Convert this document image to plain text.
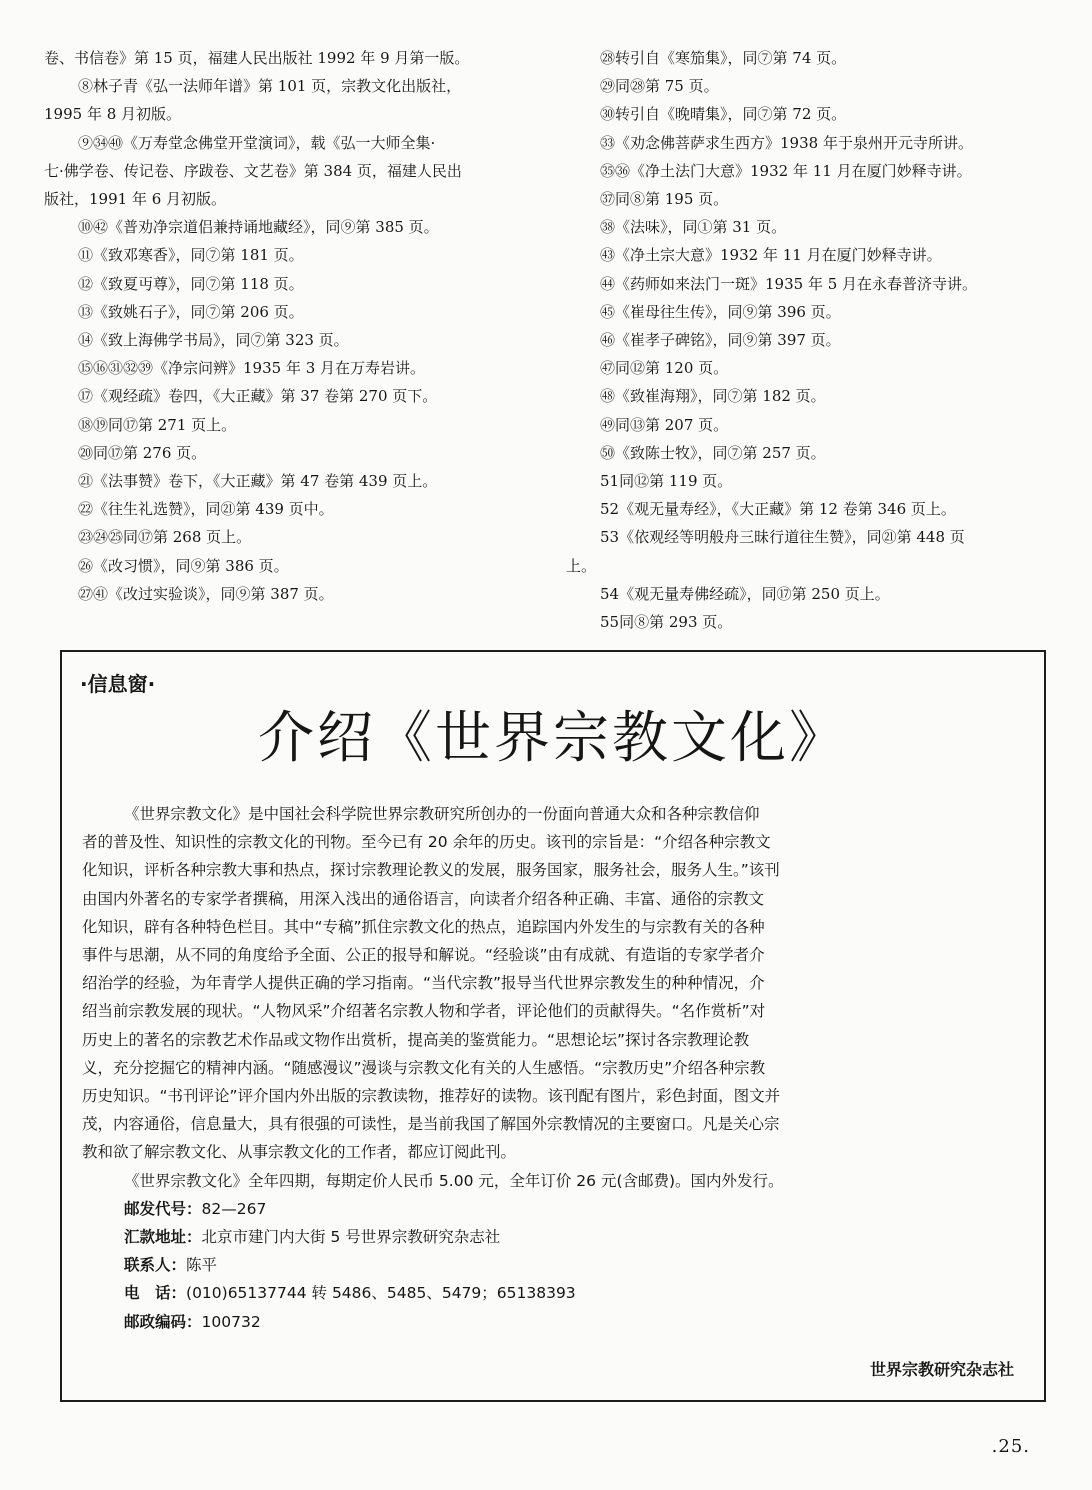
卷、书信卷》第 15 页，福建人民出版社 1992 年 9 月第一版。
⑧林子青《弘一法师年谱》第 101 页，宗教文化出版社，
1995 年 8 月初版。
⑨㉞㊵《万寿堂念佛堂开堂演词》，载《弘一大师全集·
七·佛学卷、传记卷、序跋卷、文艺卷》第 384 页，福建人民出
版社，1991 年 6 月初版。
⑩㊷《普劝净宗道侣兼持诵地藏经》，同⑨第 385 页。
⑪《致邓寒香》，同⑦第 181 页。
⑫《致夏丏尊》，同⑦第 118 页。
⑬《致姚石子》，同⑦第 206 页。
⑭《致上海佛学书局》，同⑦第 323 页。
⑮⑯㉛㉜㊴《净宗问辨》1935 年 3 月在万寿岩讲。
⑰《观经疏》卷四，《大正藏》第 37 卷第 270 页下。
⑱⑲同⑰第 271 页上。
⑳同⑰第 276 页。
㉑《法事赞》卷下，《大正藏》第 47 卷第 439 页上。
㉒《往生礼选赞》，同㉑第 439 页中。
㉓㉔㉕同⑰第 268 页上。
㉖《改习惯》，同⑨第 386 页。
㉗㊶《改过实验谈》，同⑨第 387 页。
㉘转引自《寒笳集》，同⑦第 74 页。
㉙同㉘第 75 页。
㉚转引自《晚晴集》，同⑦第 72 页。
㉝《劝念佛菩萨求生西方》1938 年于泉州开元寺所讲。
㉟㊱《净土法门大意》1932 年 11 月在厦门妙释寺讲。
㊲同⑧第 195 页。
㊳《法味》，同①第 31 页。
㊸《净土宗大意》1932 年 11 月在厦门妙释寺讲。
㊹《药师如来法门一斑》1935 年 5 月在永春普济寺讲。
㊺《崔母往生传》，同⑨第 396 页。
㊻《崔孝子碑铭》，同⑨第 397 页。
㊼同⑫第 120 页。
㊽《致崔海翔》，同⑦第 182 页。
㊾同⑬第 207 页。
㊿《致陈士牧》，同⑦第 257 页。
51同⑫第 119 页。
52《观无量寿经》，《大正藏》第 12 卷第 346 页上。
53《依观经等明般舟三昧行道往生赞》，同㉑第 448 页
上。
54《观无量寿佛经疏》，同⑰第 250 页上。
55同⑧第 293 页。
·信息窗·
介绍《世界宗教文化》
《世界宗教文化》是中国社会科学院世界宗教研究所创办的一份面向普通大众和各种宗教信仰
者的普及性、知识性的宗教文化的刊物。至今已有 20 余年的历史。该刊的宗旨是：“介绍各种宗教文
化知识，评析各种宗教大事和热点，探讨宗教理论教义的发展，服务国家，服务社会，服务人生。”该刊
由国内外著名的专家学者撰稿，用深入浅出的通俗语言，向读者介绍各种正确、丰富、通俗的宗教文
化知识，辟有各种特色栏目。其中“专稿”抓住宗教文化的热点，追踪国内外发生的与宗教有关的各种
事件与思潮，从不同的角度给予全面、公正的报导和解说。“经验谈”由有成就、有造诣的专家学者介
绍治学的经验，为年青学人提供正确的学习指南。“当代宗教”报导当代世界宗教发生的种种情况，介
绍当前宗教发展的现状。“人物风采”介绍著名宗教人物和学者，评论他们的贡献得失。“名作赏析”对
历史上的著名的宗教艺术作品或文物作出赏析，提高美的鉴赏能力。“思想论坛”探讨各宗教理论教
义，充分挖掘它的精神内涵。“随感漫议”漫谈与宗教文化有关的人生感悟。“宗教历史”介绍各种宗教
历史知识。“书刊评论”评介国内外出版的宗教读物，推荐好的读物。该刊配有图片，彩色封面，图文并
茂，内容通俗，信息量大，具有很强的可读性，是当前我国了解国外宗教情况的主要窗口。凡是关心宗
教和欲了解宗教文化、从事宗教文化的工作者，都应订阅此刊。
《世界宗教文化》全年四期，每期定价人民币 5.00 元，全年订价 26 元(含邮费)。国内外发行。
邮发代号：82—267
汇款地址：北京市建门内大街 5 号世界宗教研究杂志社
联系人：陈平
电　话：(010)65137744 转 5486、5485、5479；65138393
邮政编码：100732
世界宗教研究杂志社
.25.
